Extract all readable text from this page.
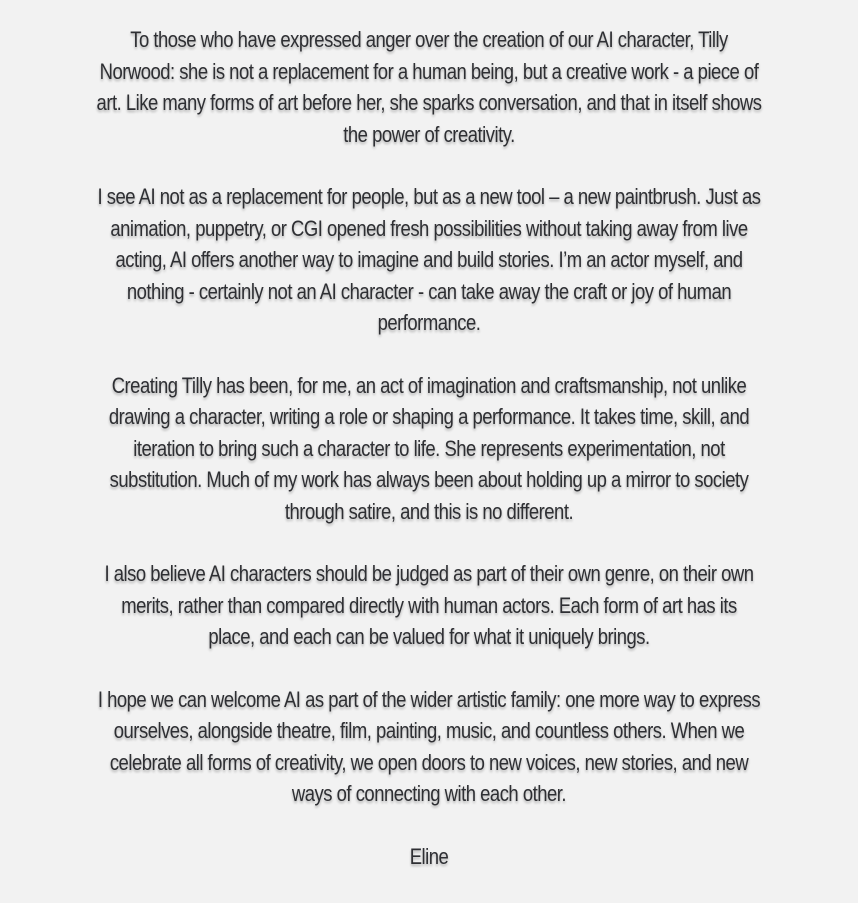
To those who have expressed anger over the creation of our AI character, Tilly
Norwood: she is not a replacement for a human being, but a creative work - a piece of
art. Like many forms of art before her, she sparks conversation, and that in itself shows
the power of creativity.
I see AI not as a replacement for people, but as a new tool – a new paintbrush. Just as
animation, puppetry, or CGI opened fresh possibilities without taking away from live
acting, AI offers another way to imagine and build stories. I’m an actor myself, and
nothing - certainly not an AI character - can take away the craft or joy of human
performance.
Creating Tilly has been, for me, an act of imagination and craftsmanship, not unlike
drawing a character, writing a role or shaping a performance. It takes time, skill, and
iteration to bring such a character to life. She represents experimentation, not
substitution. Much of my work has always been about holding up a mirror to society
through satire, and this is no different.
I also believe AI characters should be judged as part of their own genre, on their own
merits, rather than compared directly with human actors. Each form of art has its
place, and each can be valued for what it uniquely brings.
I hope we can welcome AI as part of the wider artistic family: one more way to express
ourselves, alongside theatre, film, painting, music, and countless others. When we
celebrate all forms of creativity, we open doors to new voices, new stories, and new
ways of connecting with each other.
Eline
